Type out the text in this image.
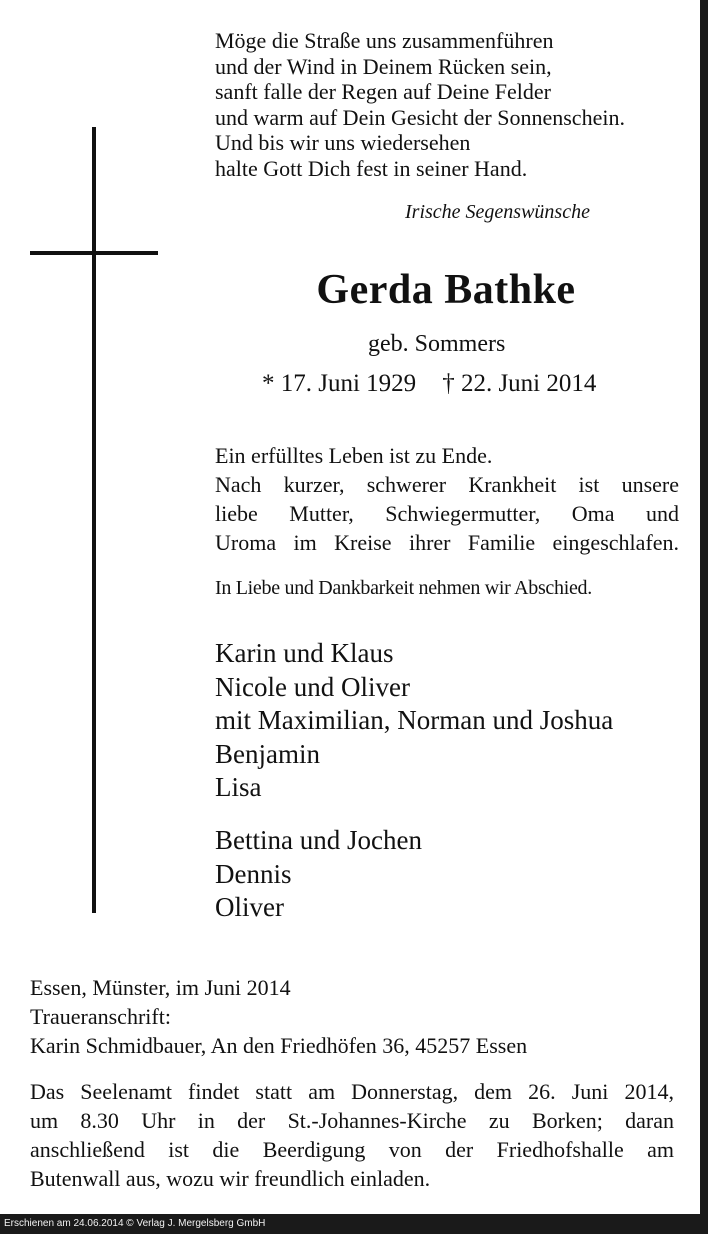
Möge die Straße uns zusammenführen
und der Wind in Deinem Rücken sein,
sanft falle der Regen auf Deine Felder
und warm auf Dein Gesicht der Sonnenschein.
Und bis wir uns wiedersehen
halte Gott Dich fest in seiner Hand.
Irische Segenswünsche
Gerda Bathke
geb. Sommers
* 17. Juni 1929 † 22. Juni 2014
Ein erfülltes Leben ist zu Ende.
Nach kurzer, schwerer Krankheit ist unsere
liebe Mutter, Schwiegermutter, Oma und
Uroma im Kreise ihrer Familie eingeschlafen.
In Liebe und Dankbarkeit nehmen wir Abschied.
Karin und Klaus
Nicole und Oliver
mit Maximilian, Norman und Joshua
Benjamin
Lisa
Bettina und Jochen
Dennis
Oliver
Essen, Münster, im Juni 2014
Traueranschrift:
Karin Schmidbauer, An den Friedhöfen 36, 45257 Essen
Das Seelenamt findet statt am Donnerstag, dem 26. Juni 2014,
um 8.30 Uhr in der St.-Johannes-Kirche zu Borken; daran
anschließend ist die Beerdigung von der Friedhofshalle am
Butenwall aus, wozu wir freundlich einladen.
Erschienen am 24.06.2014 © Verlag J. Mergelsberg GmbH
